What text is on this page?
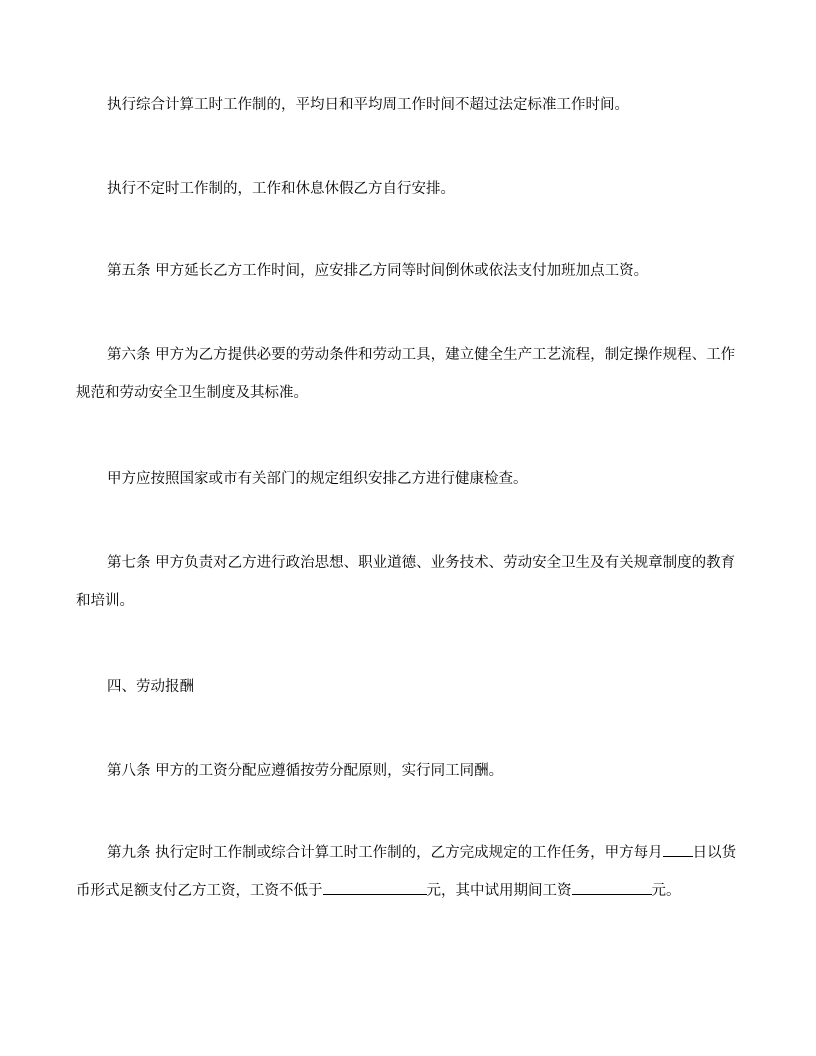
执行综合计算工时工作制的，平均日和平均周工作时间不超过法定标准工作时间。

执行不定时工作制的，工作和休息休假乙方自行安排。

第五条 甲方延长乙方工作时间，应安排乙方同等时间倒休或依法支付加班加点工资。

第六条 甲方为乙方提供必要的劳动条件和劳动工具，建立健全生产工艺流程，制定操作规程、工作规范和劳动安全卫生制度及其标准。

甲方应按照国家或市有关部门的规定组织安排乙方进行健康检查。

第七条 甲方负责对乙方进行政治思想、职业道德、业务技术、劳动安全卫生及有关规章制度的教育和培训。

四、劳动报酬

第八条 甲方的工资分配应遵循按劳分配原则，实行同工同酬。

第九条 执行定时工作制或综合计算工时工作制的，乙方完成规定的工作任务，甲方每月 日以货币形式足额支付乙方工资，工资不低于	元，其中试用期间工资	元。
